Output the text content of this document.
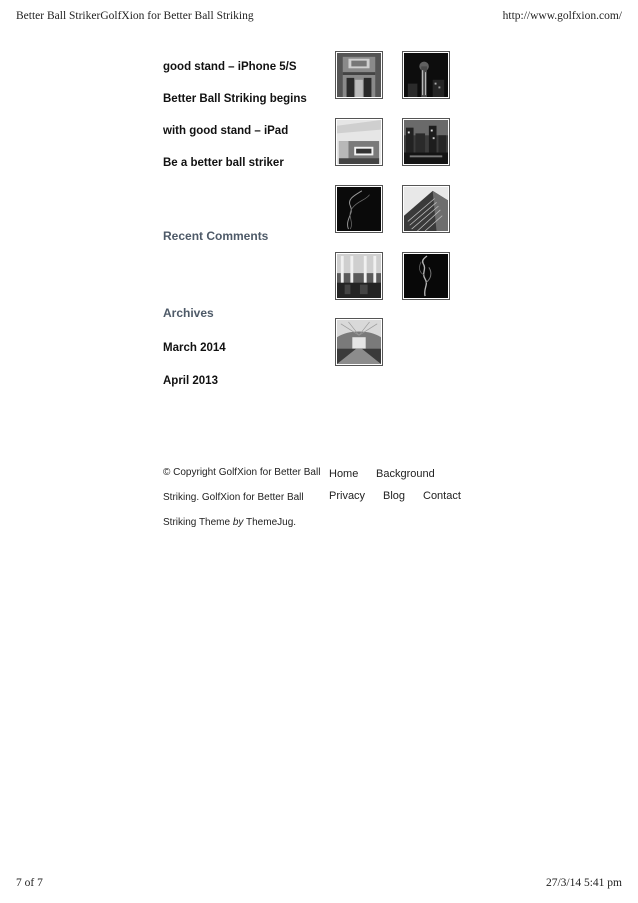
Better Ball StrikerGolfXion for Better Ball Striking	http://www.golfxion.com/
7 of 7	27/3/14 5:41 pm
good stand – iPhone 5/S
Better Ball Striking begins
with good stand – iPad
Be a better ball striker
Recent Comments
Archives
March 2014
April 2013
© Copyright GolfXion for Better Ball
Striking. GolfXion for Better Ball
Striking Theme by ThemeJug.
Home Background
Privacy Blog Contact
